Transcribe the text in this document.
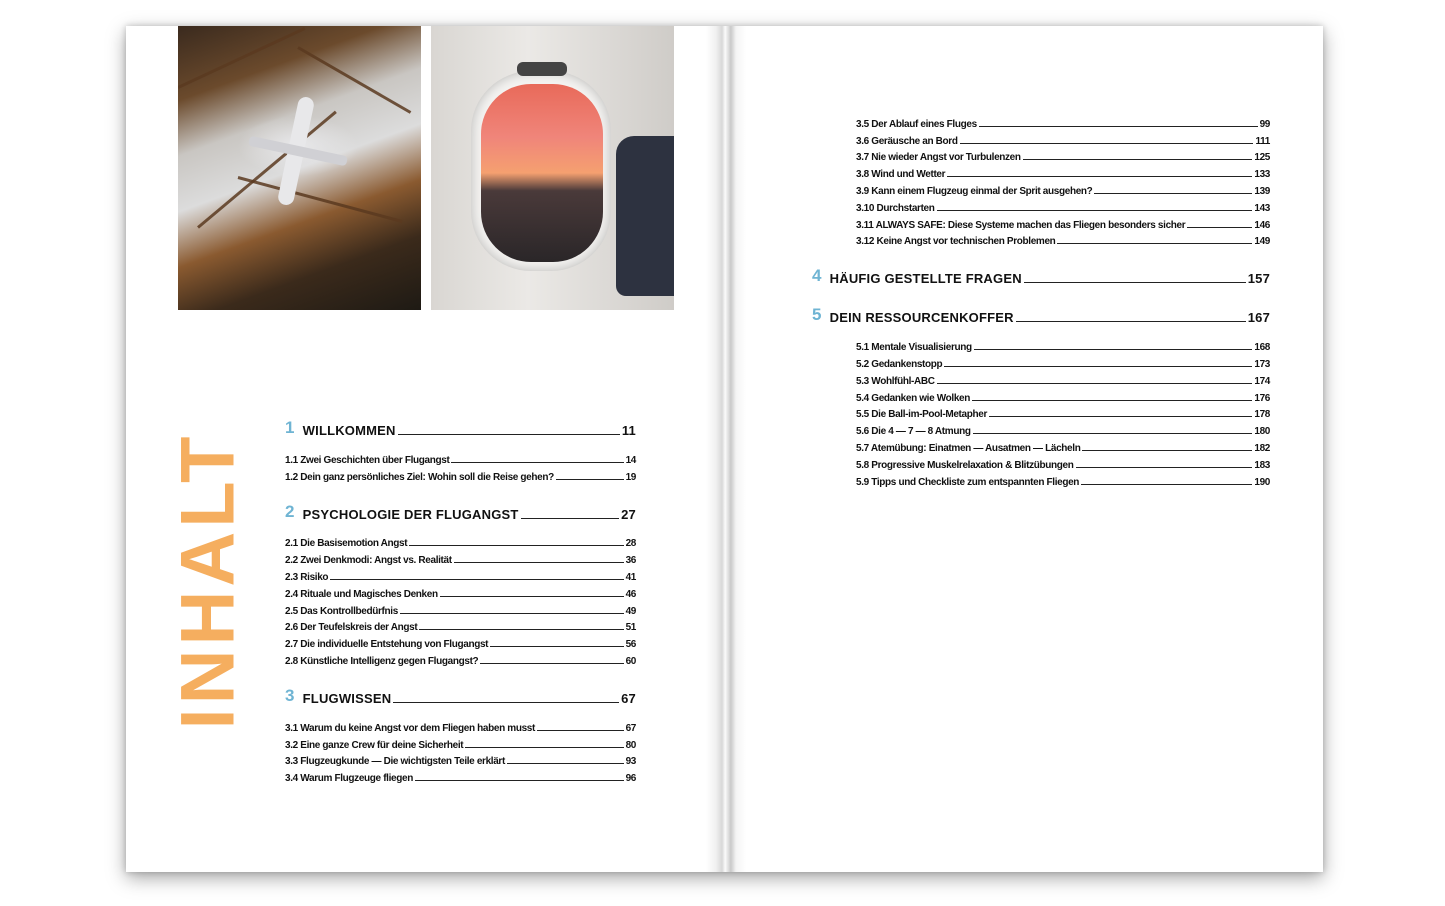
INHALT
1 WILLKOMMEN	11
1.1 Zwei Geschichten über Flugangst	14
1.2 Dein ganz persönliches Ziel: Wohin soll die Reise gehen?	19
2 PSYCHOLOGIE DER FLUGANGST	27
2.1 Die Basisemotion Angst	28
2.2 Zwei Denkmodi: Angst vs. Realität	36
2.3 Risiko	41
2.4 Rituale und Magisches Denken	46
2.5 Das Kontrollbedürfnis	49
2.6 Der Teufelskreis der Angst	51
2.7 Die individuelle Entstehung von Flugangst	56
2.8 Künstliche Intelligenz gegen Flugangst?	60
3 FLUGWISSEN	67
3.1 Warum du keine Angst vor dem Fliegen haben musst	67
3.2 Eine ganze Crew für deine Sicherheit	80
3.3 Flugzeugkunde — Die wichtigsten Teile erklärt	93
3.4 Warum Flugzeuge fliegen	96
3.5 Der Ablauf eines Fluges	99
3.6 Geräusche an Bord	111
3.7 Nie wieder Angst vor Turbulenzen	125
3.8 Wind und Wetter	133
3.9 Kann einem Flugzeug einmal der Sprit ausgehen?	139
3.10 Durchstarten	143
3.11 ALWAYS SAFE: Diese Systeme machen das Fliegen besonders sicher	146
3.12 Keine Angst vor technischen Problemen	149
4 HÄUFIG GESTELLTE FRAGEN	157
5 DEIN RESSOURCENKOFFER	167
5.1 Mentale Visualisierung	168
5.2 Gedankenstopp	173
5.3 Wohlfühl-ABC	174
5.4 Gedanken wie Wolken	176
5.5 Die Ball-im-Pool-Metapher	178
5.6 Die 4 — 7 — 8 Atmung	180
5.7 Atemübung: Einatmen — Ausatmen — Lächeln	182
5.8 Progressive Muskelrelaxation & Blitzübungen	183
5.9 Tipps und Checkliste zum entspannten Fliegen	190
